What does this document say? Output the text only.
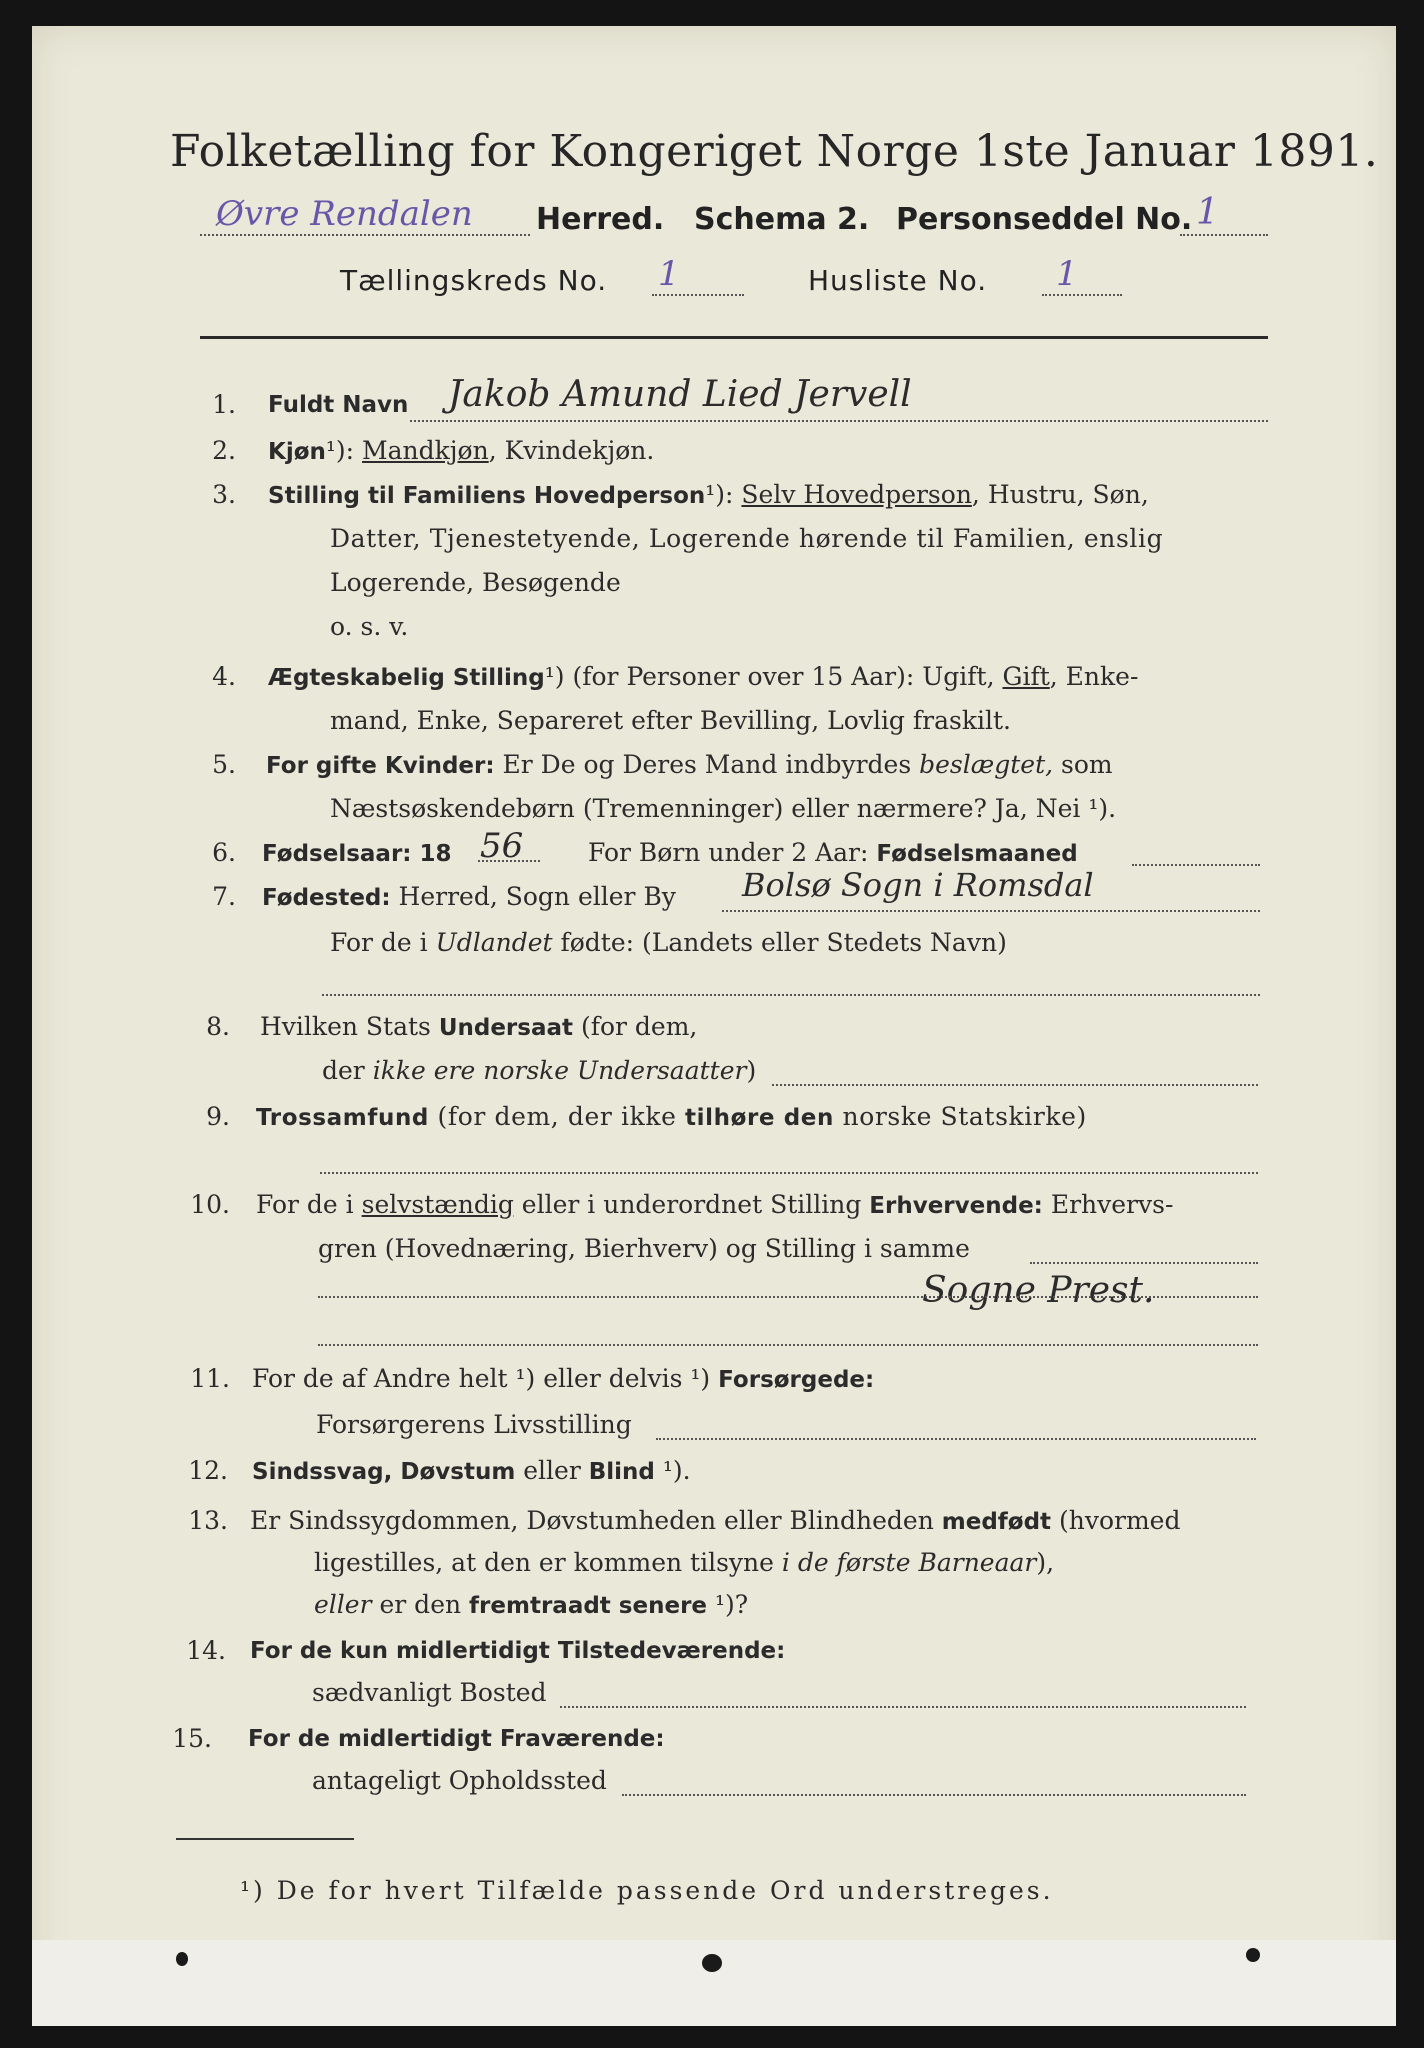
Folketælling for Kongeriget Norge 1ste Januar 1891.
Øvre Rendalen Herred. Schema 2. Personseddel No. 1
Tællingskreds No. 1	Husliste No. 1
1. Fuldt Navn Jakob Amund Lied Jervell
2. Kjøn¹): Mandkjøn, Kvindekjøn.
3. Stilling til Familiens Hovedperson¹): Selv Hovedperson, Hustru, Søn,
Datter, Tjenestetyende, Logerende hørende til Familien, enslig
Logerende, Besøgende
o. s. v.
4. Ægteskabelig Stilling¹) (for Personer over 15 Aar): Ugift, Gift, Enke-
mand, Enke, Separeret efter Bevilling, Lovlig fraskilt.
5. For gifte Kvinder: Er De og Deres Mand indbyrdes beslægtet, som
Næstsøskendebørn (Tremenninger) eller nærmere? Ja, Nei ¹).
6. Fødselsaar: 18 56	For Børn under 2 Aar: Fødselsmaaned
7. Fødested: Herred, Sogn eller By Bolsø Sogn i Romsdal
For de i Udlandet fødte: (Landets eller Stedets Navn)
8. Hvilken Stats Undersaat (for dem,
der ikke ere norske Undersaatter)
9. Trossamfund (for dem, der ikke tilhøre den norske Statskirke)
10. For de i selvstændig eller i underordnet Stilling Erhvervende: Erhvervs-
gren (Hovednæring, Bierhverv) og Stilling i samme
Sogne Prest.
11. For de af Andre helt ¹) eller delvis ¹) Forsørgede:
Forsørgerens Livsstilling
12. Sindssvag, Døvstum eller Blind ¹).
13. Er Sindssygdommen, Døvstumheden eller Blindheden medfødt (hvormed
ligestilles, at den er kommen tilsyne i de første Barneaar),
eller er den fremtraadt senere ¹)?
14. For de kun midlertidigt Tilstedeværende:
sædvanligt Bosted
15. For de midlertidigt Fraværende:
antageligt Opholdssted
¹) De for hvert Tilfælde passende Ord understreges.
